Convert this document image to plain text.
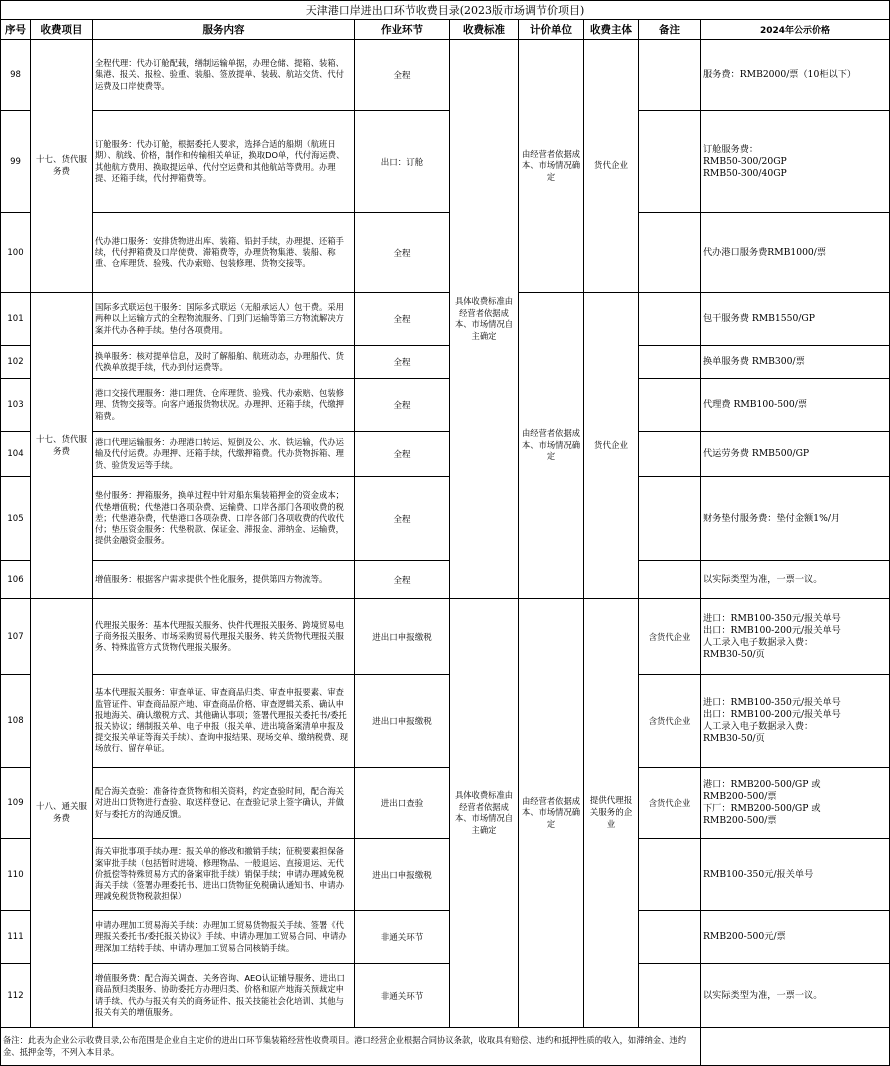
天津港口岸进出口环节收费目录(2023版市场调节价项目)								
序号	收费项目	服务内容	作业环节	收费标准	计价单位	收费主体	备注	2024年公示价格
98	十七、货代服务费	全程代理：代办订舱配载，缮制运输单据，办理仓储、提箱、装箱、集港、报关、报检、验重、装船、签放提单、装载、航站交货、代付运费及口岸使费等。	全程	具体收费标准由经营者依据成本、市场情况自主确定	由经营者依据成本、市场情况确定	货代企业		服务费：RMB2000/票（10柜以下）

99		订舱服务：代办订舱，根据委托人要求，选择合适的船期（航班日期）、航线、价格，制作和传输相关单证，换取DO单，代付海运费、其他航方费用、换取提运单、代付空运费和其他航站等费用。办理提、还箱手续，代付押箱费等。	出口：订舱					订舱服务费：
RMB50-300/20GP
RMB50-300/40GP

100		代办港口服务：安排货物进出库、装箱、铅封手续，办理提、还箱手续，代付押箱费及口岸使费、滞箱费等，办理货物集港、装船、称重、仓库理货、验残、代办索赔、包装修理、货物交接等。	全程					代办港口服务费RMB1000/票

101	十七、货代服务费	国际多式联运包干服务：国际多式联运（无船承运人）包干费。采用两种以上运输方式的全程物流服务、门到门运输等第三方物流解决方案并代办各种手续。垫付各项费用。	全程		由经营者依据成本、市场情况确定	货代企业		包干服务费 RMB1550/GP

102		换单服务：核对提单信息，及时了解船舶、航班动态，办理船代、货代换单放提手续，代办到付运费等。	全程					换单服务费 RMB300/票

103		港口交接代理服务：港口理货、仓库理货、验残、代办索赔、包装修理、货物交接等。向客户通报货物状况。办理押、还箱手续，代缴押箱费。	全程					代理费 RMB100-500/票

104		港口代理运输服务：办理港口转运、短倒及公、水、铁运输，代办运输及代付运费。办理押、还箱手续，代缴押箱费。代办货物拆箱、理货、验货发运等手续。	全程					代运劳务费 RMB500/GP

105		垫付服务：押箱服务，换单过程中针对船东集装箱押金的资金成本；代垫增值税；代垫港口各项杂费、运输费、口岸各部门各项收费的税差；代垫港杂费，代垫港口各项杂费、口岸各部门各项收费的代收代付；垫压资金服务：代垫税款、保证金、滞报金、滞纳金、运输费，提供金融资金服务。	全程					财务垫付服务费：垫付金额1%/月

106		增值服务：根据客户需求提供个性化服务，提供第四方物流等。	全程					以实际类型为准，一票一议。

107	十八、通关服务费	代理报关服务：基本代理报关服务、快件代理报关服务、跨境贸易电子商务报关服务、市场采购贸易代理报关服务、转关货物代理报关服务、特殊监管方式货物代理报关服务。	进出口申报缴税	具体收费标准由经营者依据成本、市场情况自主确定	由经营者依据成本、市场情况确定	提供代理报关服务的企业	含货代企业	进口：RMB100-350元/报关单号
出口：RMB100-200元/报关单号
人工录入电子数据录入费：
RMB30-50/页

108		基本代理报关服务：审查单证、审查商品归类、审查申报要素、审查监管证件、审查商品原产地、审查商品价格、审查逻辑关系、确认申报地海关、确认缴税方式、其他确认事项；签署代理报关委托书/委托报关协议；缮制报关单、电子申报（报关单、进出境备案清单申报及提交报关单证等海关手续）、查询申报结果、现场交单、缴纳税费、现场放行、留存单证。	进出口申报缴税				含货代企业	进口：RMB100-350元/报关单号
出口：RMB100-200元/报关单号
人工录入电子数据录入费：
RMB30-50/页

109		配合海关查验：准备待查货物和相关资料，约定查验时间，配合海关对进出口货物进行查验、取送样登记、在查验记录上签字确认，并做好与委托方的沟通反馈。	进出口查验				含货代企业	港口：RMB200-500/GP 或
RMB200-500/票
下厂：RMB200-500/GP 或
RMB200-500/票

110		海关审批事项手续办理：报关单的修改和撤销手续；征税要素担保备案审批手续（包括暂时进境、修理物品、一般退运、直接退运、无代价抵偿等特殊贸易方式的备案审批手续）销保手续；申请办理减免税海关手续（签署办理委托书、进出口货物征免税确认通知书、申请办理减免税货物税款担保）	进出口申报缴税					RMB100-350元/报关单号

111		申请办理加工贸易海关手续：办理加工贸易货物报关手续、签署《代理报关委托书/委托报关协议》手续、申请办理加工贸易合同、申请办理深加工结转手续、申请办理加工贸易合同核销手续。	非通关环节					RMB200-500元/票

112		增值服务费：配合海关调查、关务咨询、AEO认证辅导服务、进出口商品预归类服务、协助委托方办理归类、价格和原产地海关预裁定申请手续、代办与报关有关的商务证件、报关技能社会化培训、其他与报关有关的增值服务。	非通关环节					以实际类型为准，一票一议。

备注：此表为企业公示收费目录,公布范围是企业自主定价的进出口环节集装箱经营性收费项目。港口经营企业根据合同协议条款，收取具有赔偿、违约和抵押性质的收入，如滞纳金、违约金、抵押金等，不列入本目录。								
